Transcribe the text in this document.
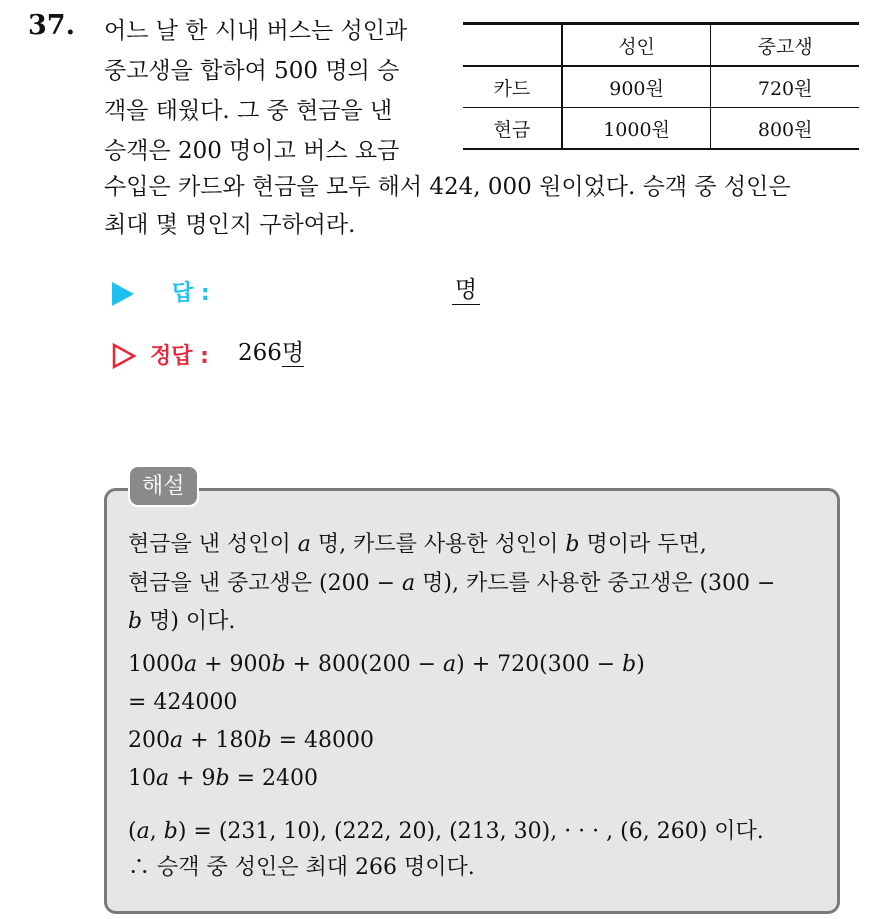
37. 어느 날 한 시내 버스는 성인과
중고생을 합하여 500 명의 승
객을 태웠다. 그 중 현금을 낸
승객은 200 명이고 버스 요금
수입은 카드와 현금을 모두 해서 424, 000 원이었다. 승객 중 성인은
최대 몇 명인지 구하여라.
	성인	중고생
카드	900원	720원
현금	1000원	800원
답 :	명
정답 : 266명
해설
현금을 낸 성인이 a 명, 카드를 사용한 성인이 b 명이라 두면,
현금을 낸 중고생은 (200 − a 명), 카드를 사용한 중고생은 (300 −
b 명) 이다.
1000a + 900b + 800(200 − a) + 720(300 − b)
= 424000
200a + 180b = 48000
10a + 9b = 2400
(a, b) = (231, 10), (222, 20), (213, 30), · · · , (6, 260) 이다.
∴ 승객 중 성인은 최대 266 명이다.
